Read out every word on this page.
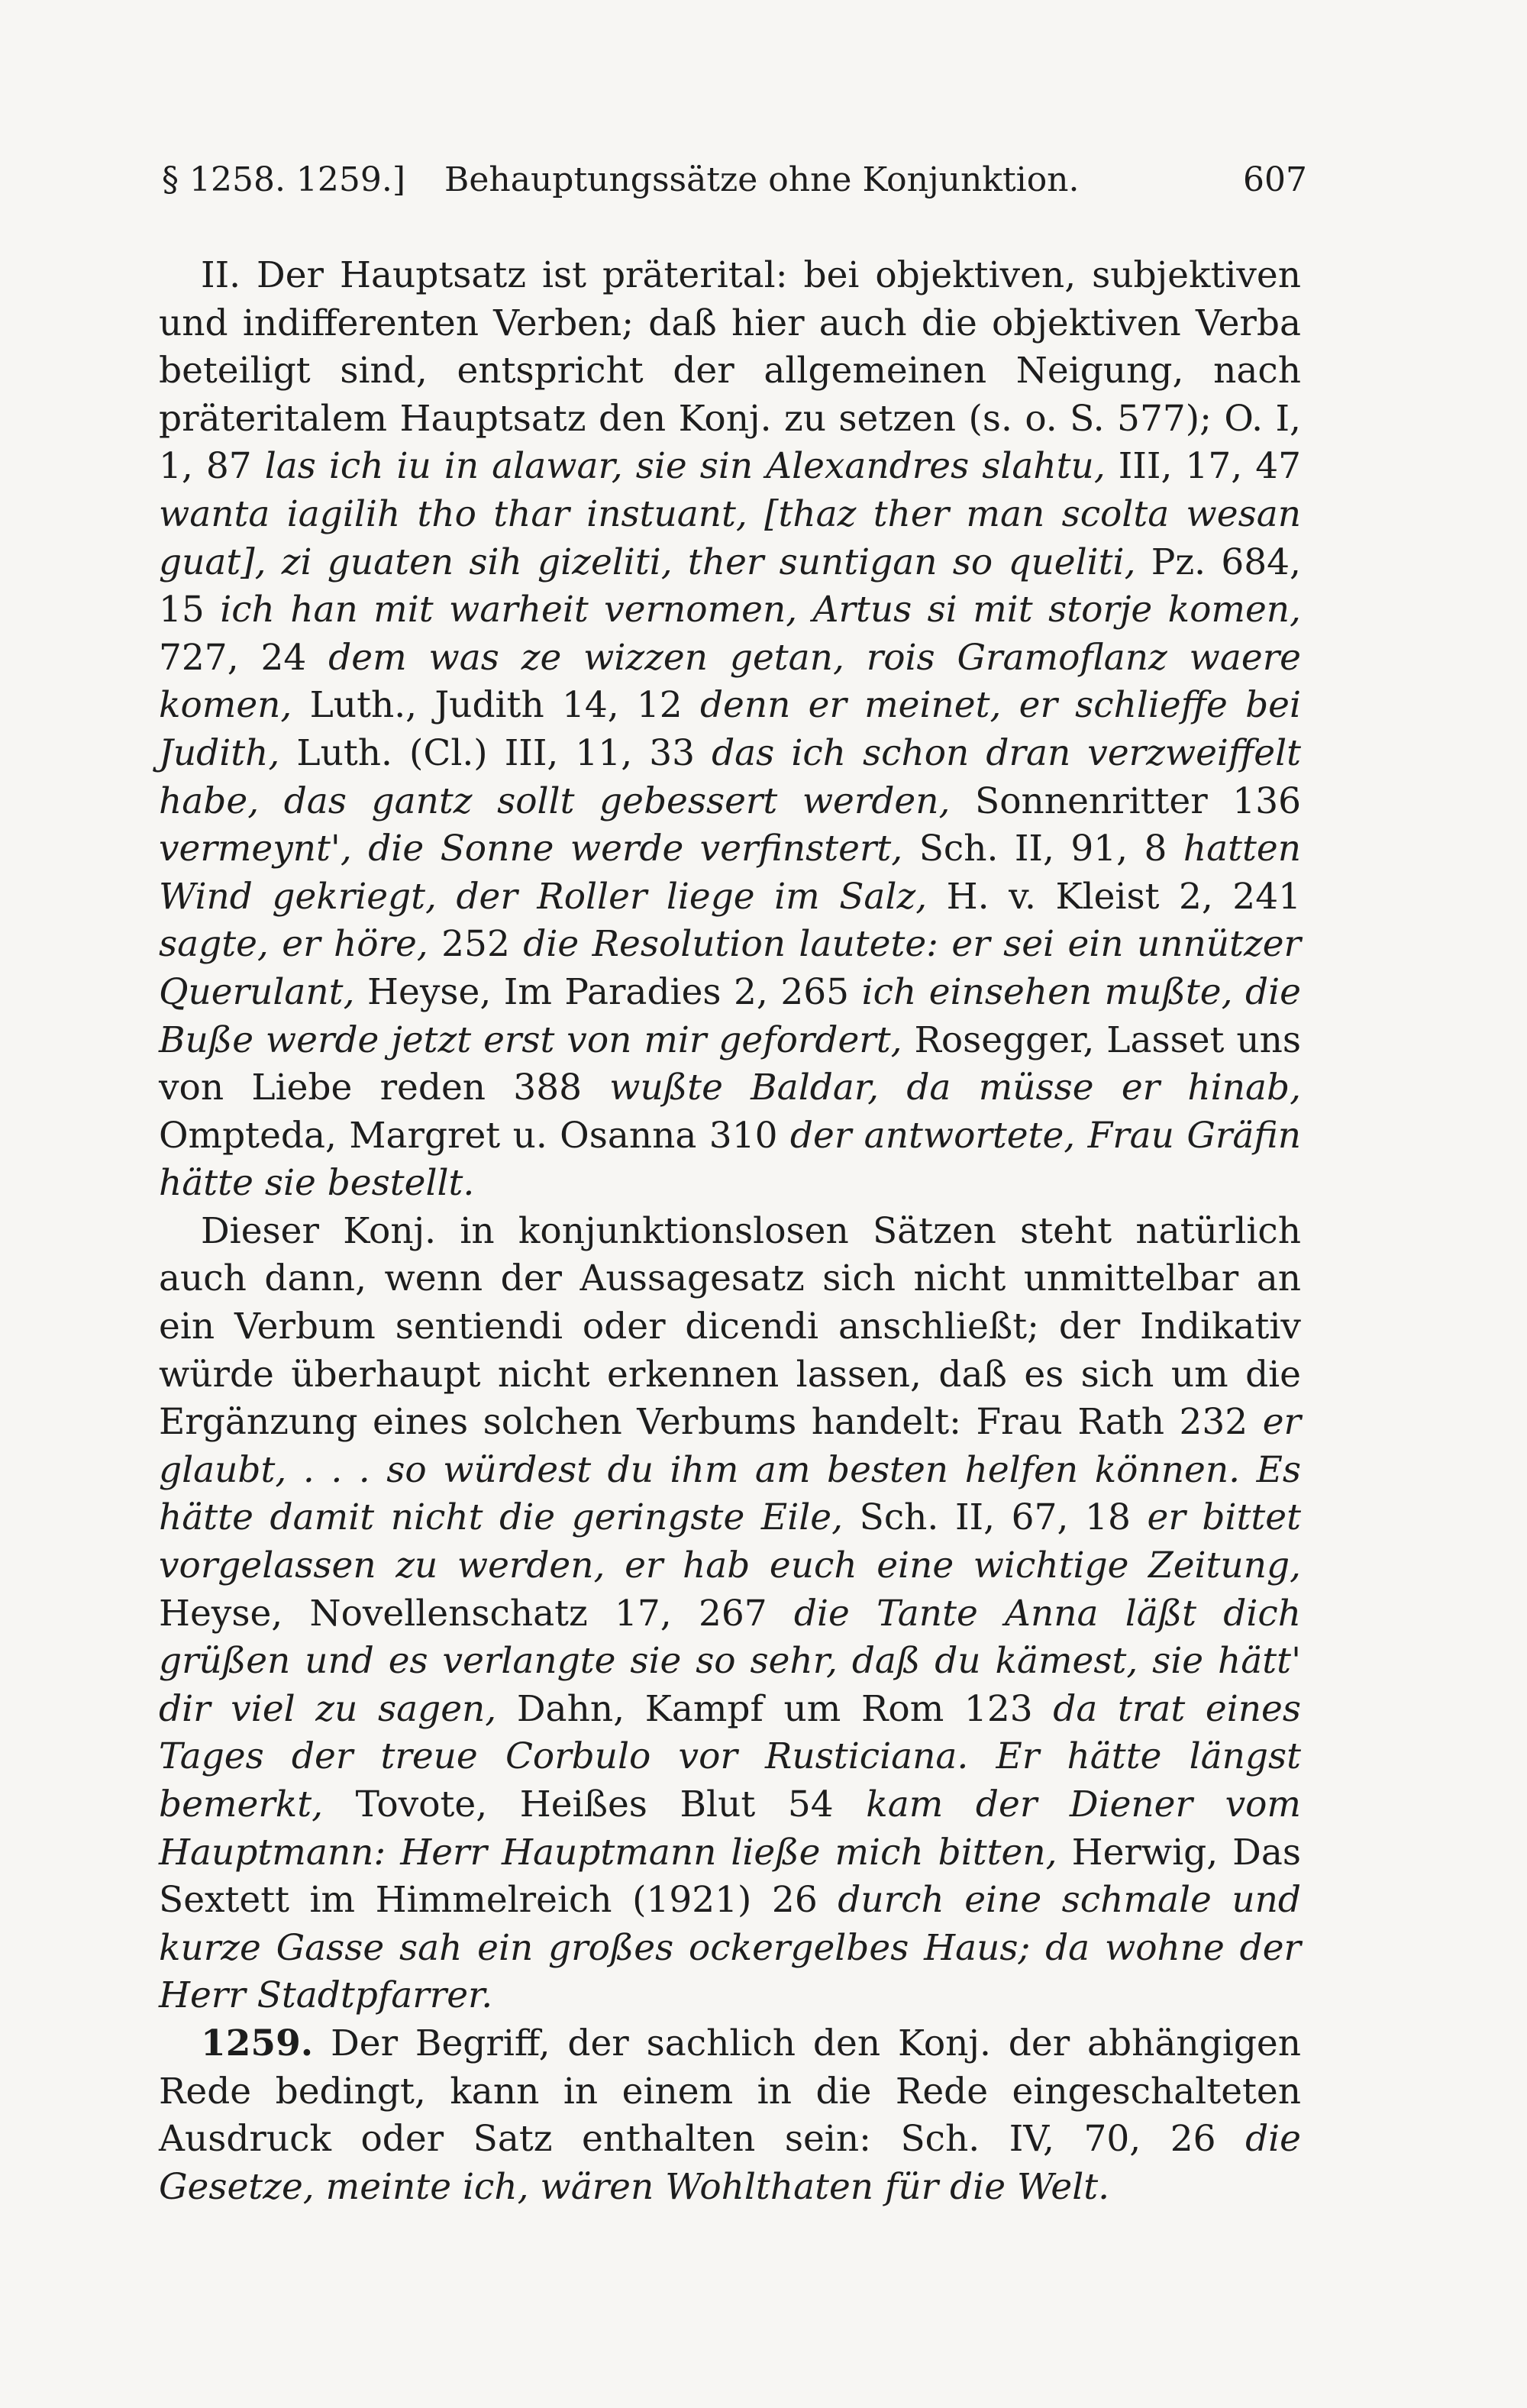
§ 1258. 1259.] Behauptungssätze ohne Konjunktion.	607

II. Der Hauptsatz ist präterital: bei objektiven, subjektiven und indifferenten Verben; daß hier auch die objektiven Verba beteiligt sind, entspricht der allgemeinen Neigung, nach präteritalem Hauptsatz den Konj. zu setzen (s. o. S. 577); O. I, 1, 87 las ich iu in alawar, sie sin Alexandres slahtu, III, 17, 47 wanta iagilih tho thar instuant, [thaz ther man scolta wesan guat], zi guaten sih gizeliti, ther suntigan so queliti, Pz. 684, 15 ich han mit warheit vernomen, Artus si mit storje komen, 727, 24 dem was ze wizzen getan, rois Gramoflanz waere komen, Luth., Judith 14, 12 denn er meinet, er schlieffe bei Judith, Luth. (Cl.) III, 11, 33 das ich schon dran verzweiffelt habe, das gantz sollt gebessert werden, Sonnenritter 136 vermeynt', die Sonne werde verfinstert, Sch. II, 91, 8 hatten Wind gekriegt, der Roller liege im Salz, H. v. Kleist 2, 241 sagte, er höre, 252 die Resolution lautete: er sei ein unnützer Querulant, Heyse, Im Paradies 2, 265 ich einsehen mußte, die Buße werde jetzt erst von mir gefordert, Rosegger, Lasset uns von Liebe reden 388 wußte Baldar, da müsse er hinab, Ompteda, Margret u. Osanna 310 der antwortete, Frau Gräfin hätte sie bestellt.

Dieser Konj. in konjunktionslosen Sätzen steht natürlich auch dann, wenn der Aussagesatz sich nicht unmittelbar an ein Verbum sentiendi oder dicendi anschließt; der Indikativ würde überhaupt nicht erkennen lassen, daß es sich um die Ergänzung eines solchen Verbums handelt: Frau Rath 232 er glaubt, . . . so würdest du ihm am besten helfen können. Es hätte damit nicht die geringste Eile, Sch. II, 67, 18 er bittet vorgelassen zu werden, er hab euch eine wichtige Zeitung, Heyse, Novellenschatz 17, 267 die Tante Anna läßt dich grüßen und es verlangte sie so sehr, daß du kämest, sie hätt' dir viel zu sagen, Dahn, Kampf um Rom 123 da trat eines Tages der treue Corbulo vor Rusticiana. Er hätte längst bemerkt, Tovote, Heißes Blut 54 kam der Diener vom Hauptmann: Herr Hauptmann ließe mich bitten, Herwig, Das Sextett im Himmelreich (1921) 26 durch eine schmale und kurze Gasse sah ein großes ockergelbes Haus; da wohne der Herr Stadtpfarrer.

1259. Der Begriff, der sachlich den Konj. der abhängigen Rede bedingt, kann in einem in die Rede eingeschalteten Ausdruck oder Satz enthalten sein: Sch. IV, 70, 26 die Gesetze, meinte ich, wären Wohlthaten für die Welt.
